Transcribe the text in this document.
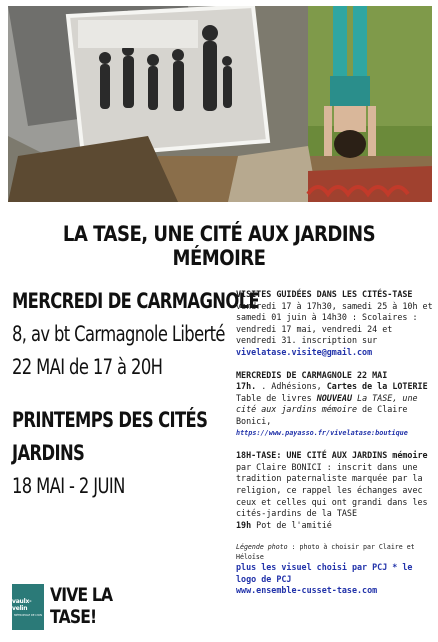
LA TASE, UNE CITÉ AUX JARDINS MÉMOIRE
MERCREDI DE CARMAGNOLE
8, av bt Carmagnole Liberté
22 MAI de 17 à 20H
PRINTEMPS DES CITÉS
JARDINS
18 MAI - 2 JUIN

VISITES GUIDÉES DANS LES CITÉS-TASE

vendredi 17 à 17h30, samedi 25 à 10h et samedi 01 juin à 14h30 : Scolaires : vendredi 17 mai, vendredi 24 et vendredi 31. inscription sur

vivelatase.visite@gmail.com

MERCREDIS DE CARMAGNOLE 22 MAI

17h. . Adhésions, Cartes de la LOTERIE

Table de livres NOUVEAU La TASE, une cité aux jardins mémoire de Claire Bonici,

https://www.payasso.fr/vivelatase:boutique

18H-TASE: UNE CITÉ AUX JARDINS mémoire

par Claire BONICI : inscrit dans une tradition paternaliste marquée par la religion, ce rappel les échanges avec ceux et celles qui ont grandi dans les cités-jardins de la TASE

19h Pot de l'amitié

Légende photo : photo à choisir par Claire et Héloïse

plus les visuel choisi par PCJ * le logo de PCJ

www.ensemble-cusset-tase.com

vaulx-velin
MÉTROPOLE DE LYON
VIVE LA
TASE!
